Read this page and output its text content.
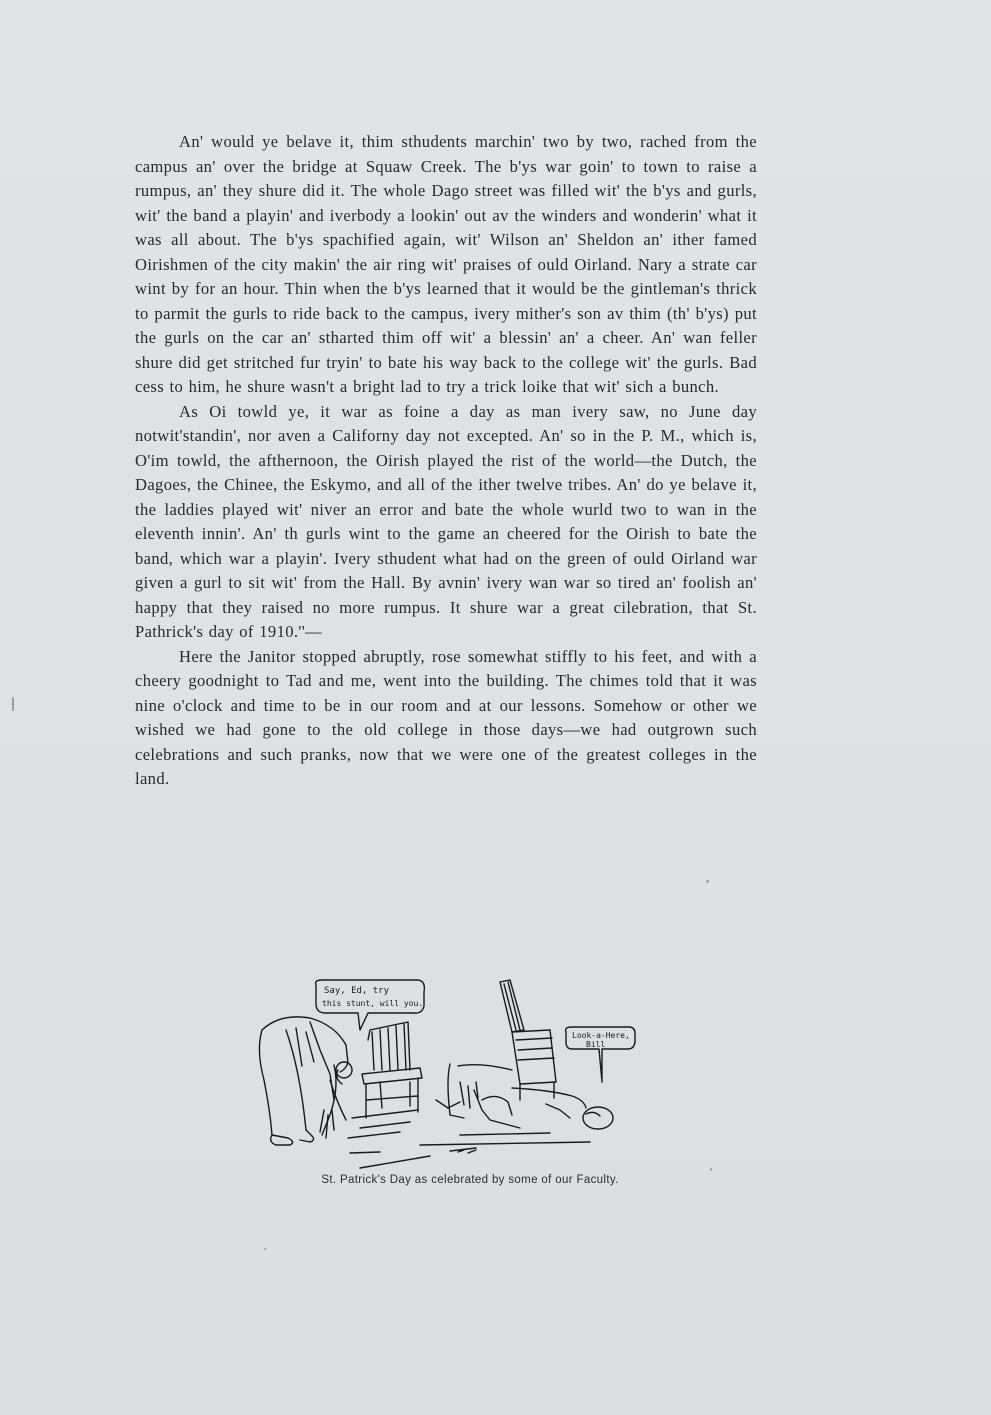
An' would ye belave it, thim sthudents marchin' two by two, rached from the campus an' over the bridge at Squaw Creek. The b'ys war goin' to town to raise a rumpus, an' they shure did it. The whole Dago street was filled wit' the b'ys and gurls, wit' the band a playin' and iverbody a lookin' out av the winders and wonderin' what it was all about. The b'ys spachified again, wit' Wilson an' Sheldon an' ither famed Oirishmen of the city makin' the air ring wit' praises of ould Oirland. Nary a strate car wint by for an hour. Thin when the b'ys learned that it would be the gintleman's thrick to parmit the gurls to ride back to the campus, ivery mither's son av thim (th' b'ys) put the gurls on the car an' stharted thim off wit' a blessin' an' a cheer. An' wan feller shure did get stritched fur tryin' to bate his way back to the college wit' the gurls. Bad cess to him, he shure wasn't a bright lad to try a trick loike that wit' sich a bunch.

As Oi towld ye, it war as foine a day as man ivery saw, no June day notwit'standin', nor aven a Californy day not excepted. An' so in the P. M., which is, O'im towld, the afthernoon, the Oirish played the rist of the world—the Dutch, the Dagoes, the Chinee, the Eskymo, and all of the ither twelve tribes. An' do ye belave it, the laddies played wit' niver an error and bate the whole wurld two to wan in the eleventh innin'. An' th gurls wint to the game an cheered for the Oirish to bate the band, which war a playin'. Ivery sthudent what had on the green of ould Oirland war given a gurl to sit wit' from the Hall. By avnin' ivery wan war so tired an' foolish an' happy that they raised no more rumpus. It shure war a great cilebration, that St. Pathrick's day of 1910.''—

Here the Janitor stopped abruptly, rose somewhat stiffly to his feet, and with a cheery goodnight to Tad and me, went into the building. The chimes told that it was nine o'clock and time to be in our room and at our lessons. Somehow or other we wished we had gone to the old college in those days—we had outgrown such celebrations and such pranks, now that we were one of the greatest colleges in the land.

Say, Ed, try
this stunt, will you.
Look-a-Here,
Bill
St. Patrick's Day as celebrated by some of our Faculty.
